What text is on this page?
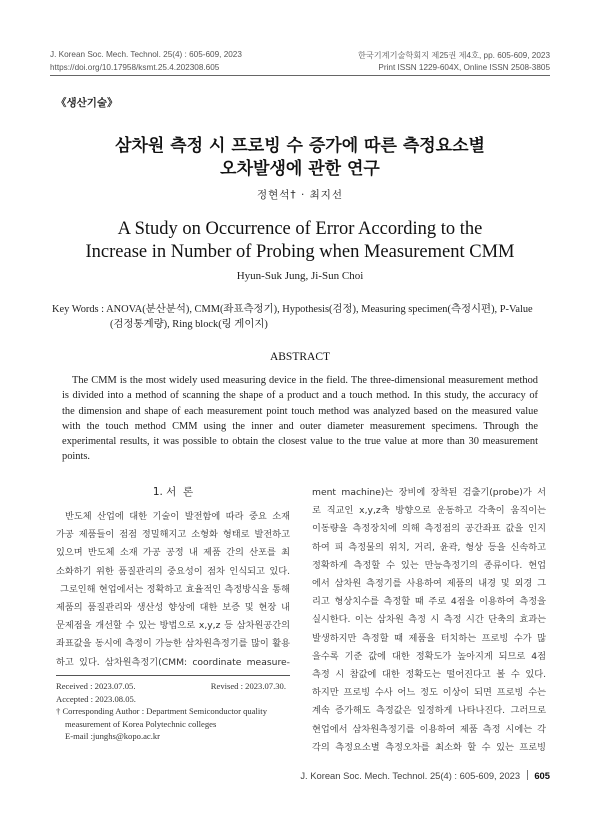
J. Korean Soc. Mech. Technol. 25(4) : 605-609, 2023
https://doi.org/10.17958/ksmt.25.4.202308.605
한국기계기술학회지 제25권 제4호, pp. 605-609, 2023
Print ISSN 1229-604X, Online ISSN 2508-3805
《생산기술》
삼차원 측정 시 프로빙 수 증가에 따른 측정요소별
오차발생에 관한 연구
정현석† · 최지선
A Study on Occurrence of Error According to the
Increase in Number of Probing when Measurement CMM
Hyun-Suk Jung, Ji-Sun Choi
Key Words : ANOVA(분산분석), CMM(좌표측정기), Hypothesis(검정), Measuring specimen(측정시편), P-Value
(검정통계량), Ring block(링 게이지)
ABSTRACT
The CMM is the most widely used measuring device in the field. The three-dimensional measurement method
is divided into a method of scanning the shape of a product and a touch method. In this study, the accuracy of
the dimension and shape of each measurement point touch method was analyzed based on the measured value
with the touch method CMM using the inner and outer diameter measurement specimens. Through the
experimental results, it was possible to obtain the closest value to the true value at more than 30 measurement
points.
1. 서  론
반도체 산업에 대한 기술이 발전함에 따라 중요 소재
가공 제품들이 점점 정밀해지고 소형화 형태로 발전하고
있으며 반도체 소재 가공 공정 내 제품 간의 산포를 최
소화하기 위한 품질관리의 중요성이 점차 인식되고 있다.
그로인해 현업에서는 정확하고 효율적인 측정방식을 통해
제품의 품질관리와 생산성 향상에 대한 보증 및 현장 내
문제점을 개선할 수 있는 방법으로 x,y,z 등 삼차원공간의
좌표값을 동시에 측정이 가능한 삼차원측정기를 많이 활용
하고 있다. 삼차원측정기(CMM: coordinate measure-
Received : 2023.07.05.	Revised : 2023.07.30.
Accepted : 2023.08.05.
† Corresponding Author : Department Semiconductor quality
measurement of Korea Polytechnic colleges
E-mail :junghs@kopo.ac.kr
ment machine)는 장비에 장착된 검출기(probe)가 서
로 직교인 x,y,z축 방향으로 운동하고 각축이 움직이는
이동량을 측정장치에 의해 측정점의 공간좌표 값을 인지
하여 피 측정물의 위치, 거리, 윤곽, 형상 등을 신속하고
정확하게 측정할 수 있는 만능측정기의 종류이다. 현업
에서 삼차원 측정기를 사용하여 제품의 내경 및 외경 그
리고 형상치수를 측정할 때 주로 4점을 이용하여 측정을
실시한다. 이는 삼차원 측정 시 측정 시간 단축의 효과는
발생하지만 측정할 때 제품을 터치하는 프로빙 수가 많
을수록 기준 값에 대한 정확도가 높아지게 되므로 4점
측정 시 참값에 대한 정확도는 떨어진다고 볼 수 있다.
하지만 프로빙 수사 어느 정도 이상이 되면 프로빙 수는
계속 증가해도 측정값은 일정하게 나타나진다. 그러므로
현업에서 삼차원측정기를 이용하여 제품 측정 시에는 각
각의 측정요소별 측정오차를 최소화 할 수 있는 프로빙
J. Korean Soc. Mech. Technol. 25(4) : 605-609, 2023 605
